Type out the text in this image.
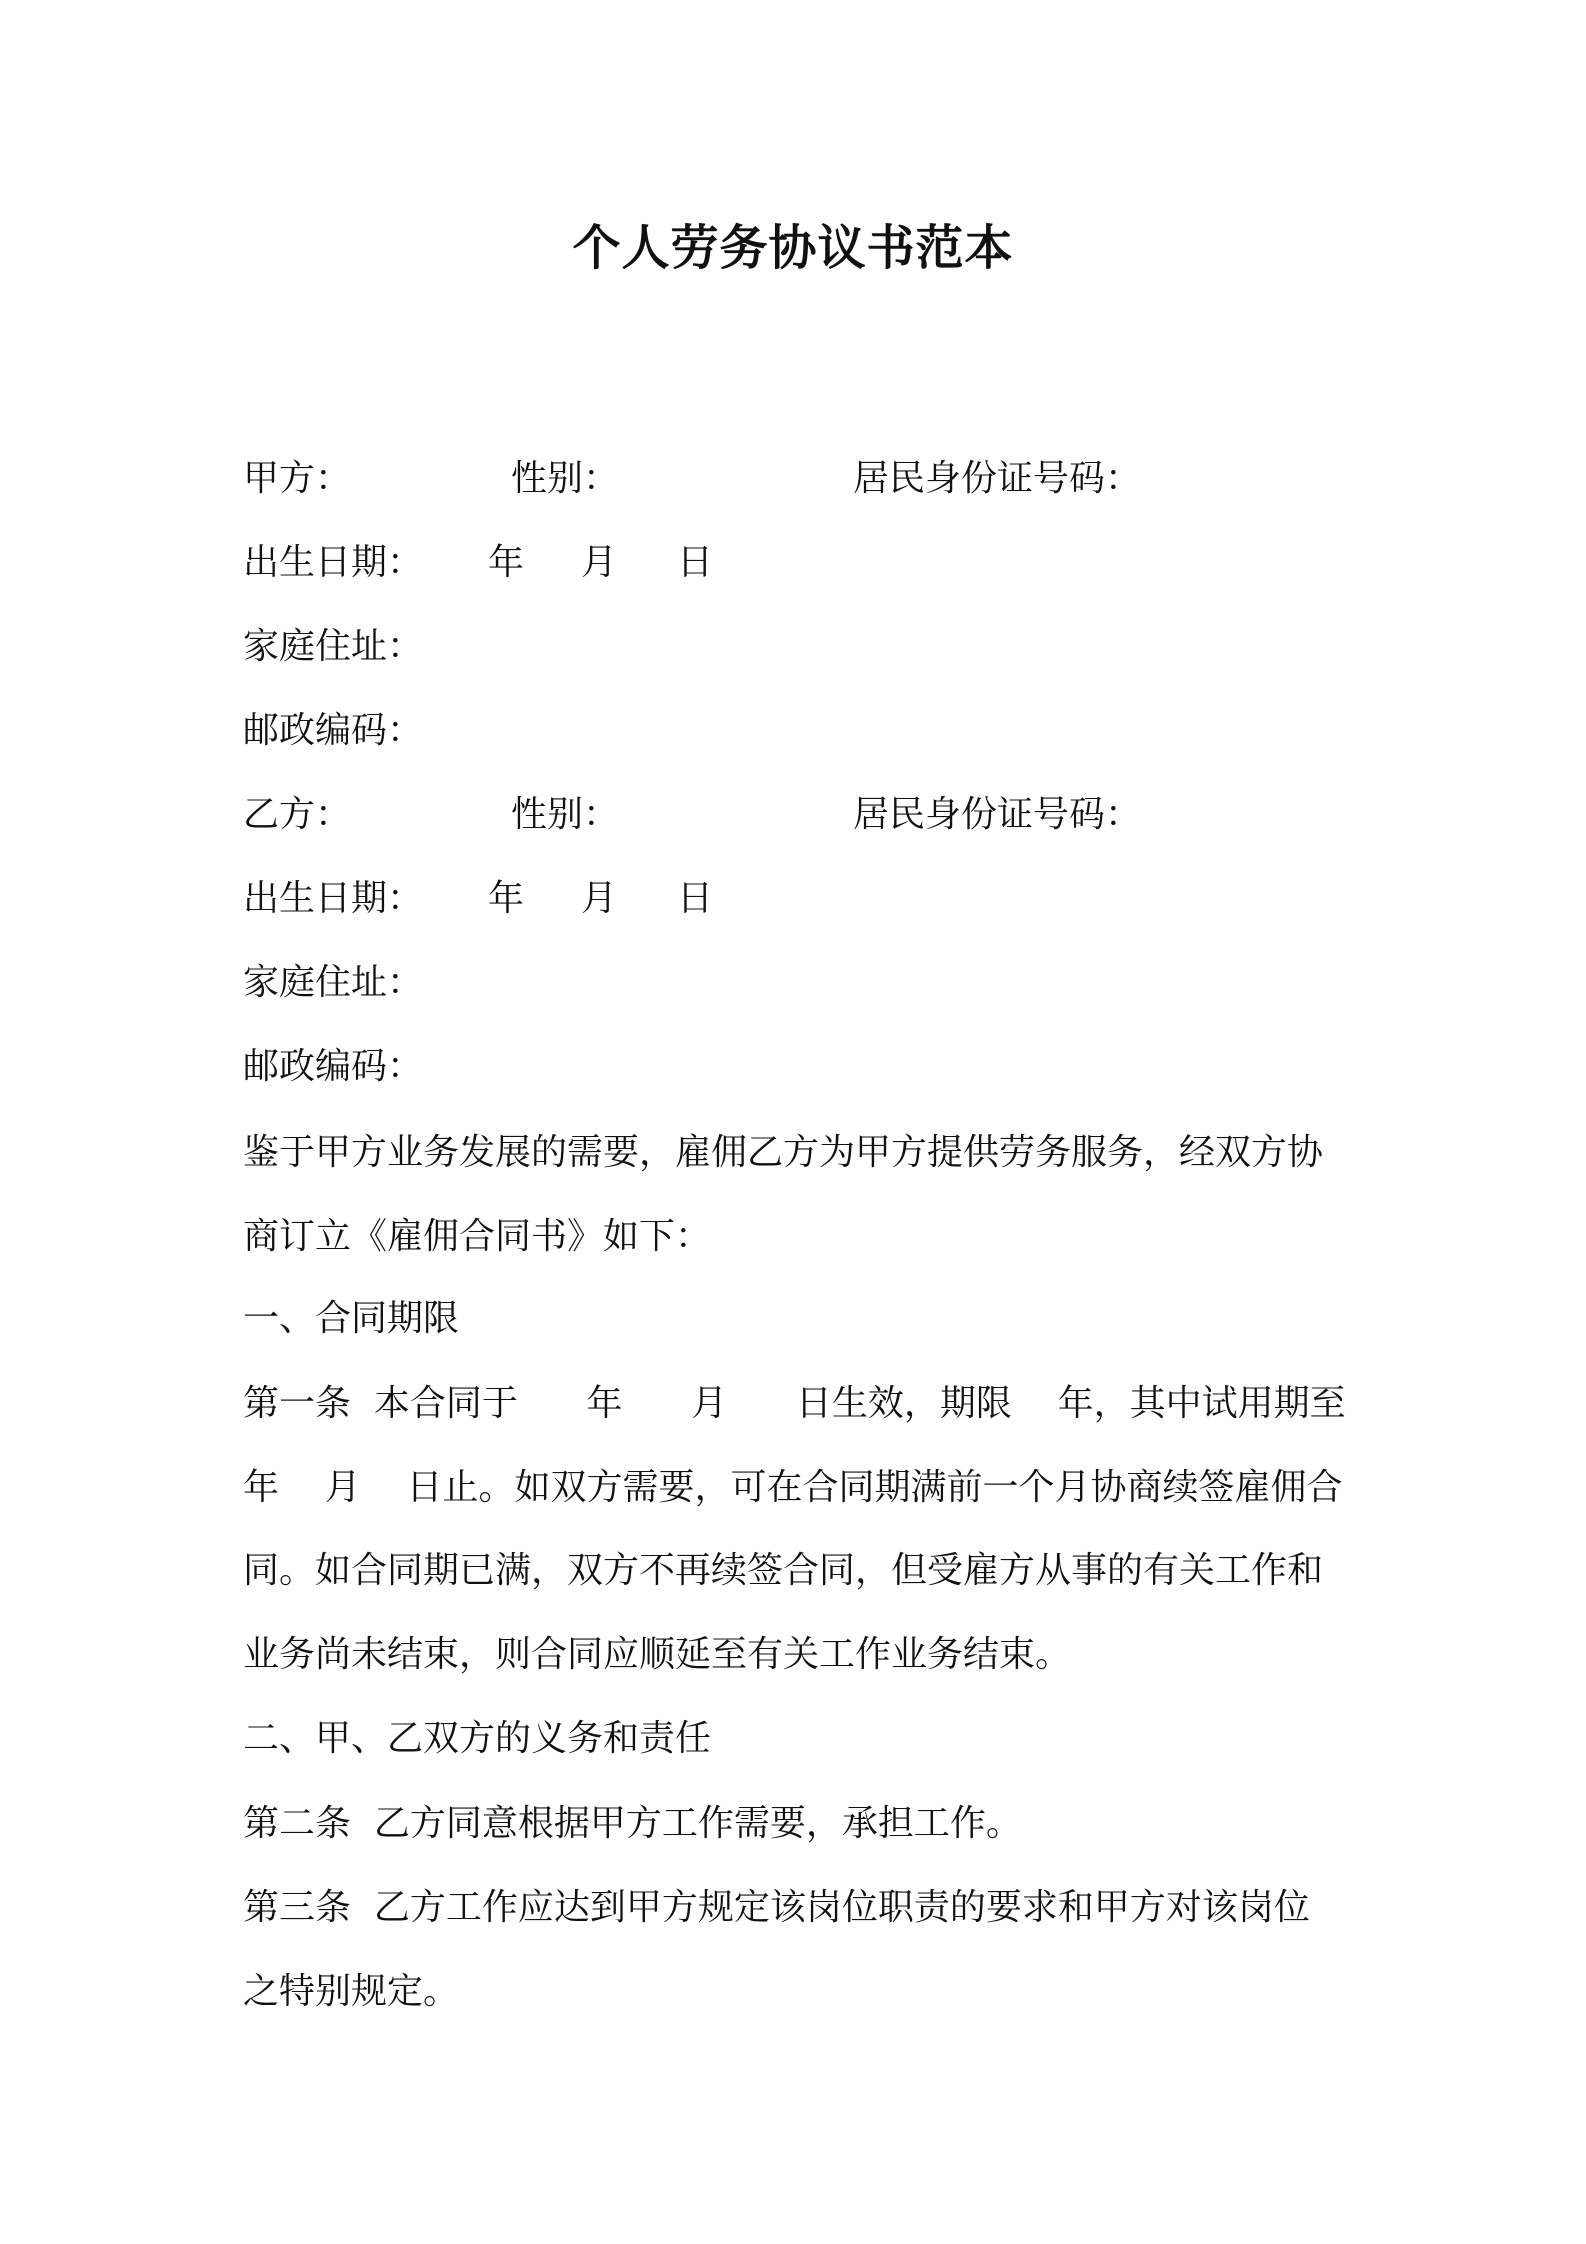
个人劳务协议书范本
甲方：	性别：	居民身份证号码：
出生日期： 年 月 日
家庭住址：
邮政编码：
乙方：	性别：	居民身份证号码：
出生日期： 年 月 日
家庭住址：
邮政编码：
鉴于甲方业务发展的需要，雇佣乙方为甲方提供劳务服务，经双方协
商订立《雇佣合同书》如下：
一、合同期限
第一条  本合同于      年      月      日生效，期限    年，其中试用期至
年    月    日止。如双方需要，可在合同期满前一个月协商续签雇佣合
同。如合同期已满，双方不再续签合同，但受雇方从事的有关工作和
业务尚未结束，则合同应顺延至有关工作业务结束。
二、甲、乙双方的义务和责任
第二条  乙方同意根据甲方工作需要，承担工作。
第三条  乙方工作应达到甲方规定该岗位职责的要求和甲方对该岗位
之特别规定。
